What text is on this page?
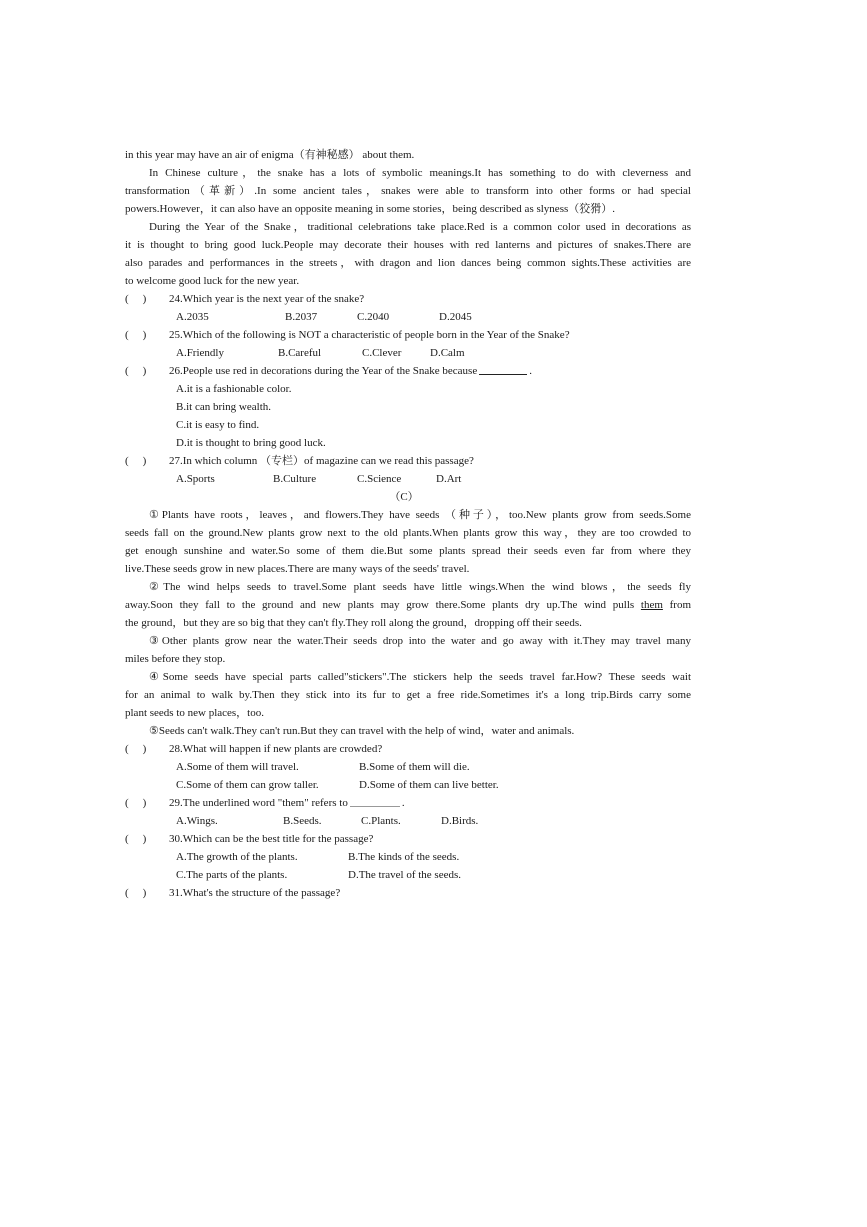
in this year may have an air of enigma（有神秘感） about them.
In Chinese culture，the snake has a lots of symbolic meanings.It has something to do with cleverness and
transformation（革新）.In some ancient tales，snakes were able to transform into other forms or had special
powers.However，it can also have an opposite meaning in some stories，being described as slyness（狡猾）.
During the Year of the Snake，traditional celebrations take place.Red is a common color used in decorations as
it is thought to bring good luck.People may decorate their houses with red lanterns and pictures of snakes.There are
also parades and performances in the streets，with dragon and lion dances being common sights.These activities are
to welcome good luck for the new year.
( )	24. Which year is the next year of the snake?
A.2035	B.2037	C.2040	D.2045
( )	25. Which of the following is NOT a characteristic of people born in the Year of the Snake?
A.Friendly	B.Careful	C.Clever	D.Calm
( )	26. People use red in decorations during the Year of the Snake because	.
A.it is a fashionable color.
B.it can bring wealth.
C.it is easy to find.
D.it is thought to bring good luck.
( )	27. In which column （专栏）of magazine can we read this passage?
A.Sports	B.Culture	C.Science	D.Art
（C）
①Plants have roots，leaves，and flowers.They have seeds （种子），too.New plants grow from seeds.Some
seeds fall on the ground.New plants grow next to the old plants.When plants grow this way，they are too crowded to
get enough sunshine and water.So some of them die.But some plants spread their seeds even far from where they
live.These seeds grow in new places.There are many ways of the seeds' travel.
②The wind helps seeds to travel.Some plant seeds have little wings.When the wind blows，the seeds fly
away.Soon they fall to the ground and new plants may grow there.Some plants dry up.The wind pulls them from
the ground，but they are so big that they can't fly.They roll along the ground，dropping off their seeds.
③Other plants grow near the water.Their seeds drop into the water and go away with it.They may travel many
miles before they stop.
④Some seeds have special parts called"stickers".The stickers help the seeds travel far.How? These seeds wait
for an animal to walk by.Then they stick into its fur to get a free ride.Sometimes it's a long trip.Birds carry some
plant seeds to new places，too.
⑤Seeds can't walk.They can't run.But they can travel with the help of wind，water and animals.
( )	28. What will happen if new plants are crowded?
A.Some of them will travel.	B.Some of them will die.
C.Some of them can grow taller.	D.Some of them can live better.
( )	29. The underlined word "them" refers to	.
A.Wings.	B.Seeds.	C.Plants.	D.Birds.
( )	30. Which can be the best title for the passage?
A.The growth of the plants.	B.The kinds of the seeds.
C.The parts of the plants.	D.The travel of the seeds.
( )	31. What's the structure of the passage?
